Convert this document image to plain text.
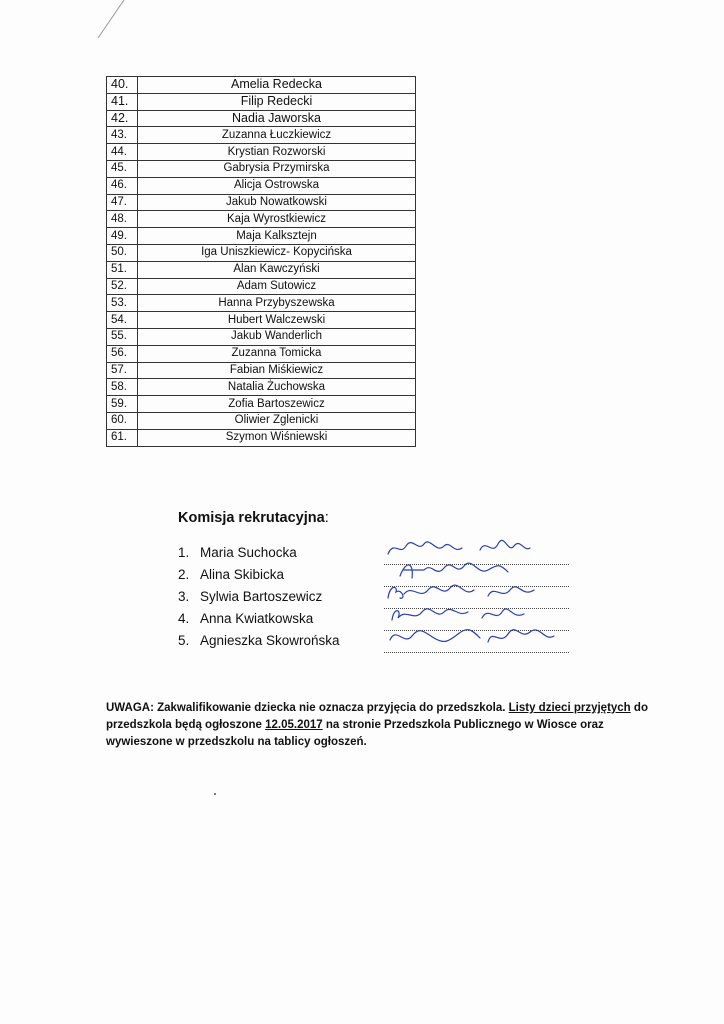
40.	Amelia Redecka
41.	Filip Redecki
42.	Nadia Jaworska
43.	Zuzanna Łuczkiewicz
44.	Krystian Rozworski
45.	Gabrysia Przymirska
46.	Alicja Ostrowska
47.	Jakub Nowatkowski
48.	Kaja Wyrostkiewicz
49.	Maja Kalksztejn
50.	Iga Uniszkiewicz- Kopycińska
51.	Alan Kawczyński
52.	Adam Sutowicz
53.	Hanna Przybyszewska
54.	Hubert Walczewski
55.	Jakub Wanderlich
56.	Zuzanna Tomicka
57.	Fabian Miśkiewicz
58.	Natalia Żuchowska
59.	Zofia Bartoszewicz
60.	Oliwier Zglenicki
61.	Szymon Wiśniewski
Komisja rekrutacyjna:
1. Maria Suchocka
2. Alina Skibicka
3. Sylwia Bartoszewicz
4. Anna Kwiatkowska
5. Agnieszka Skowrońska
UWAGA: Zakwalifikowanie dziecka nie oznacza przyjęcia do przedszkola. Listy dzieci przyjętych do przedszkola będą ogłoszone 12.05.2017 na stronie Przedszkola Publicznego w Wiosce oraz wywieszone w przedszkolu na tablicy ogłoszeń.
